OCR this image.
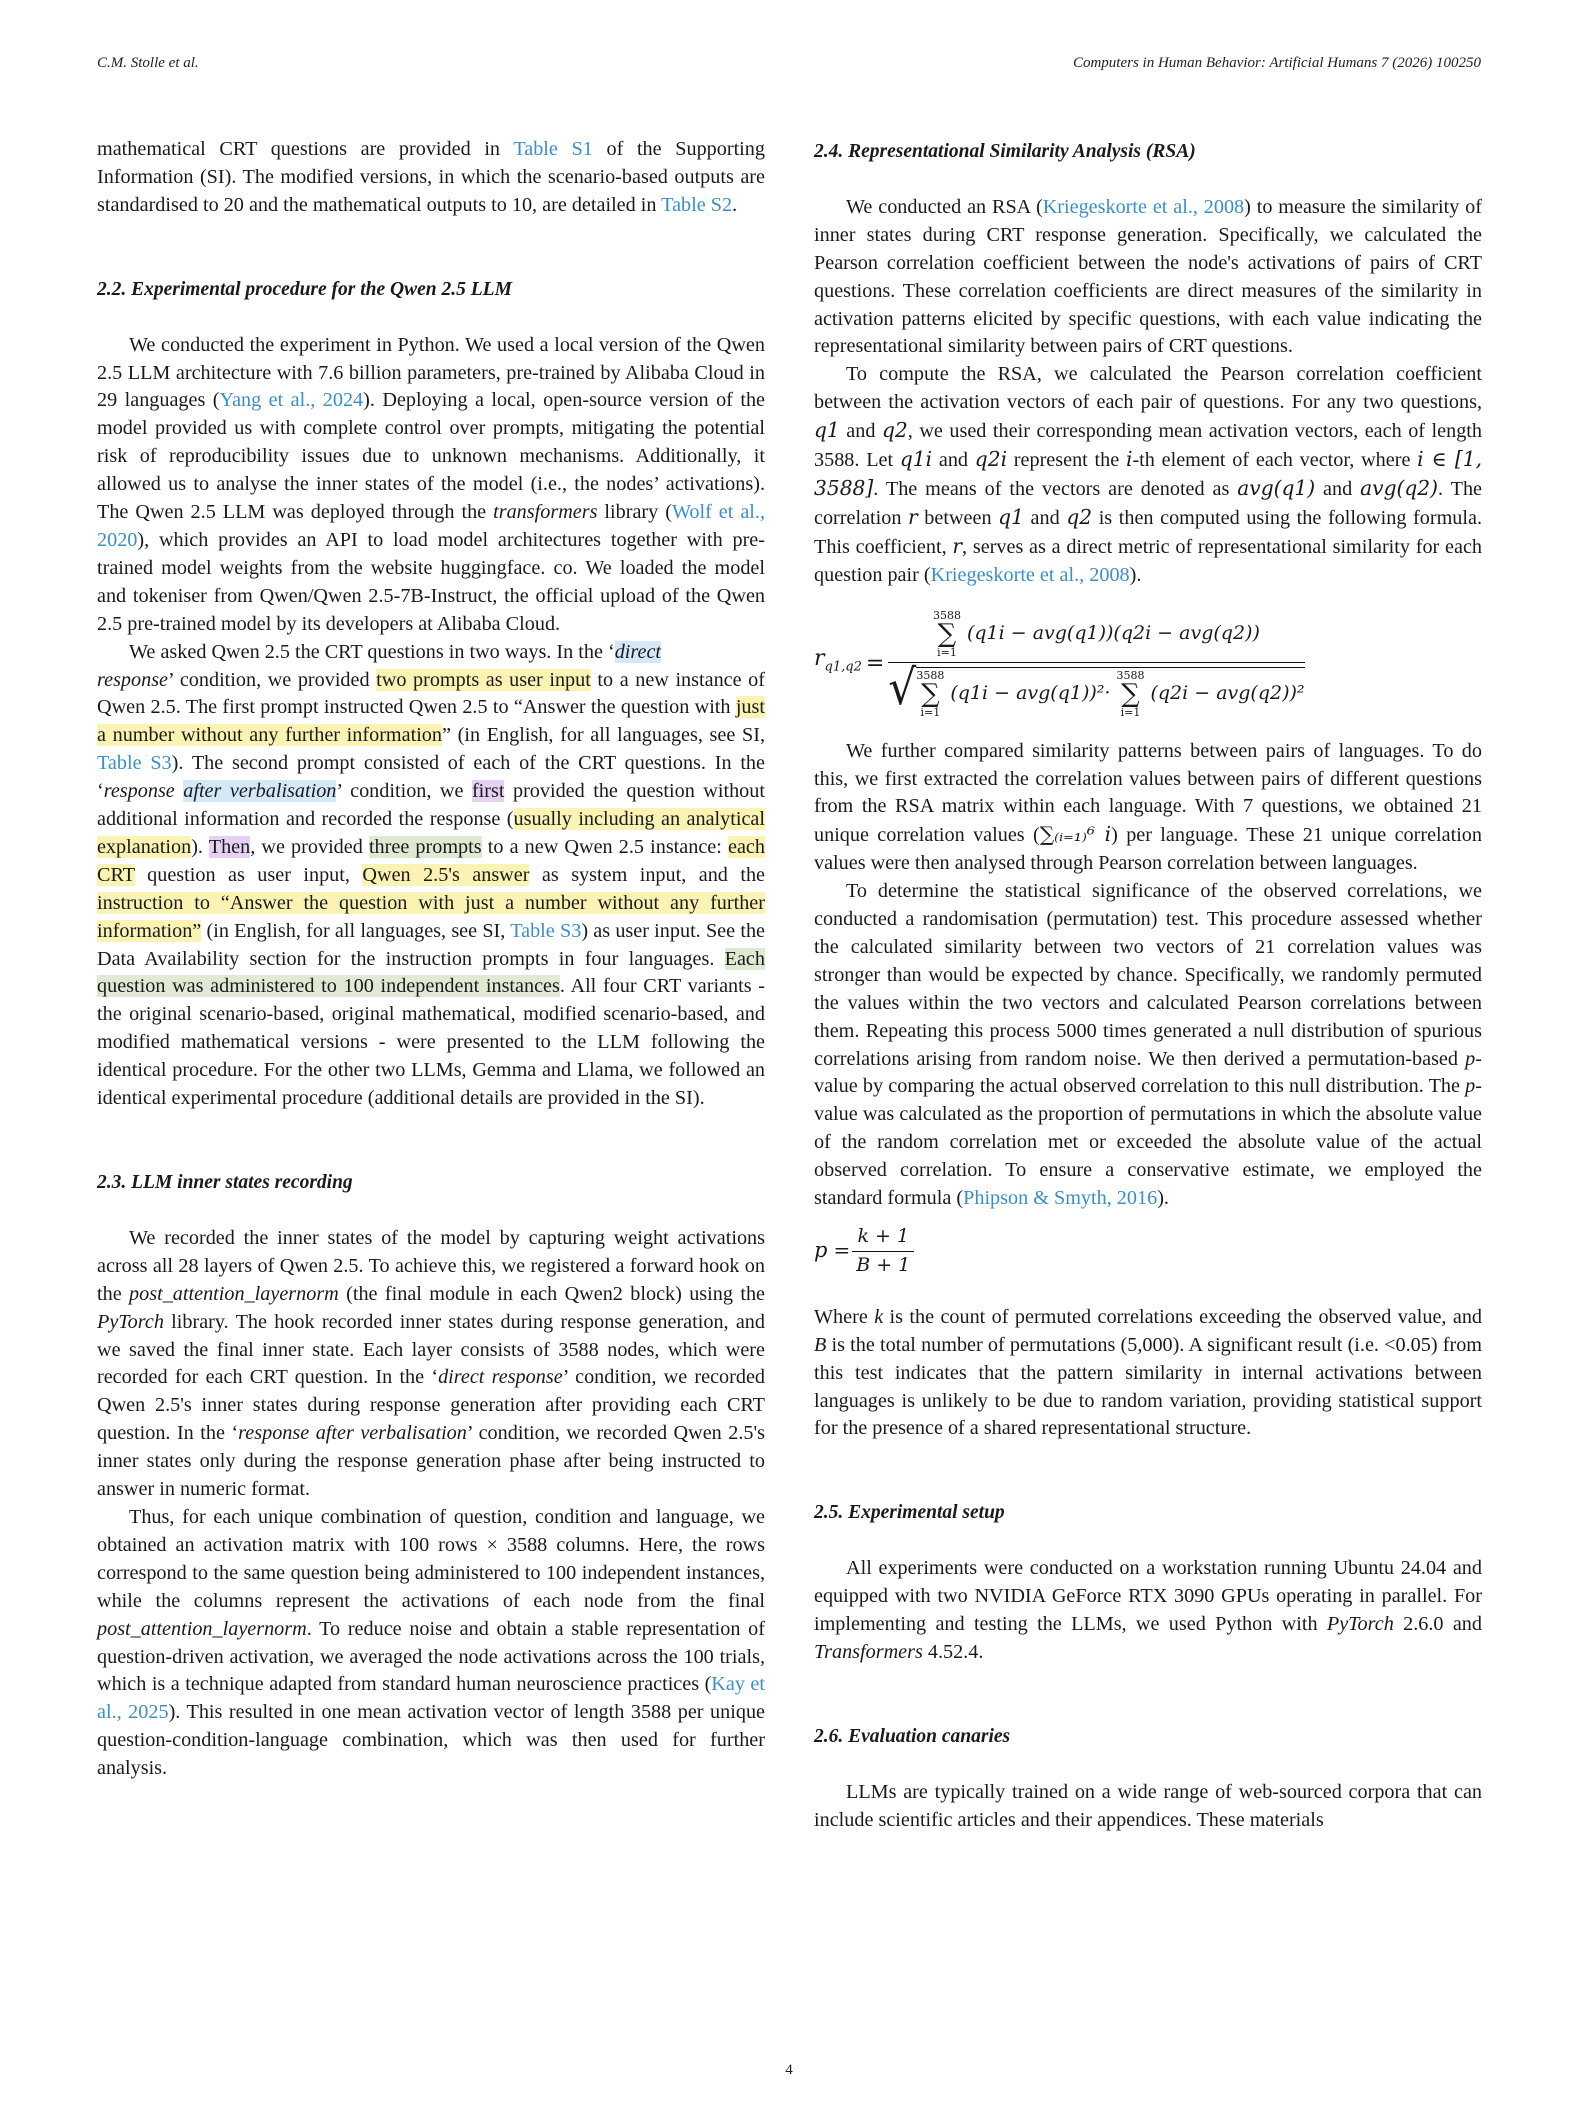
C.M. Stolle et al.	Computers in Human Behavior: Artificial Humans 7 (2026) 100250

mathematical CRT questions are provided in Table S1 of the Supporting Information (SI). The modified versions, in which the scenario-based outputs are standardised to 20 and the mathematical outputs to 10, are detailed in Table S2.

2.2. Experimental procedure for the Qwen 2.5 LLM

We conducted the experiment in Python. We used a local version of the Qwen 2.5 LLM architecture with 7.6 billion parameters, pre-trained by Alibaba Cloud in 29 languages (Yang et al., 2024). Deploying a local, open-source version of the model provided us with complete control over prompts, mitigating the potential risk of reproducibility issues due to unknown mechanisms. Additionally, it allowed us to analyse the inner states of the model (i.e., the nodes’ activations). The Qwen 2.5 LLM was deployed through the transformers library (Wolf et al., 2020), which provides an API to load model architectures together with pre-trained model weights from the website huggingface. co. We loaded the model and tokeniser from Qwen/Qwen 2.5-7B-Instruct, the official upload of the Qwen 2.5 pre-trained model by its developers at Alibaba Cloud.

We asked Qwen 2.5 the CRT questions in two ways. In the ‘direct
response’ condition, we provided two prompts as user input to a new instance of Qwen 2.5. The first prompt instructed Qwen 2.5 to “Answer the question with just a number without any further information” (in English, for all languages, see SI, Table S3). The second prompt consisted of each of the CRT questions. In the ‘response after verbalisation’ condition, we first provided the question without additional information and recorded the response (usually including an analytical explanation). Then, we provided three prompts to a new Qwen 2.5 instance: each CRT question as user input, Qwen 2.5's answer as system input, and the instruction to “Answer the question with just a number without any further information” (in English, for all languages, see SI, Table S3) as user input. See the Data Availability section for the instruction prompts in four languages. Each question was administered to 100 independent instances. All four CRT variants - the original scenario-based, original mathematical, modified scenario-based, and modified mathematical versions - were presented to the LLM following the identical procedure. For the other two LLMs, Gemma and Llama, we followed an identical experimental procedure (additional details are provided in the SI).

2.3. LLM inner states recording

We recorded the inner states of the model by capturing weight activations across all 28 layers of Qwen 2.5. To achieve this, we registered a forward hook on the post_attention_layernorm (the final module in each Qwen2 block) using the PyTorch library. The hook recorded inner states during response generation, and we saved the final inner state. Each layer consists of 3588 nodes, which were recorded for each CRT question. In the ‘direct response’ condition, we recorded Qwen 2.5's inner states during response generation after providing each CRT question. In the ‘response after verbalisation’ condition, we recorded Qwen 2.5's inner states only during the response generation phase after being instructed to answer in numeric format.

Thus, for each unique combination of question, condition and language, we obtained an activation matrix with 100 rows × 3588 columns. Here, the rows correspond to the same question being administered to 100 independent instances, while the columns represent the activations of each node from the final post_attention_layernorm. To reduce noise and obtain a stable representation of question-driven activation, we averaged the node activations across the 100 trials, which is a technique adapted from standard human neuroscience practices (Kay et al., 2025). This resulted in one mean activation vector of length 3588 per unique question-condition-language combination, which was then used for further analysis.

2.4. Representational Similarity Analysis (RSA)

We conducted an RSA (Kriegeskorte et al., 2008) to measure the similarity of inner states during CRT response generation. Specifically, we calculated the Pearson correlation coefficient between the node's activations of pairs of CRT questions. These correlation coefficients are direct measures of the similarity in activation patterns elicited by specific questions, with each value indicating the representational similarity between pairs of CRT questions.

To compute the RSA, we calculated the Pearson correlation coefficient between the activation vectors of each pair of questions. For any two questions, q1 and q2, we used their corresponding mean activation vectors, each of length 3588. Let q1i and q2i represent the i-th element of each vector, where i ∈ [1, 3588]. The means of the vectors are denoted as avg(q1) and avg(q2). The correlation r between q1 and q2 is then computed using the following formula. This coefficient, r, serves as a direct metric of representational similarity for each question pair (Kriegeskorte et al., 2008).

$r_{q1,q2}$ =
3588
∑
i=1
(q1i − avg(q1))(q2i − avg(q2))
√ 3588
∑
i=1
(q1i − avg(q1))²·
3588
∑
i=1
(q2i − avg(q2))²

We further compared similarity patterns between pairs of languages. To do this, we first extracted the correlation values between pairs of different questions from the RSA matrix within each language. With 7 questions, we obtained 21 unique correlation values (∑₍ᵢ₌₁₎⁶ i) per language. These 21 unique correlation values were then analysed through Pearson correlation between languages.

To determine the statistical significance of the observed correlations, we conducted a randomisation (permutation) test. This procedure assessed whether the calculated similarity between two vectors of 21 correlation values was stronger than would be expected by chance. Specifically, we randomly permuted the values within the two vectors and calculated Pearson correlations between them. Repeating this process 5000 times generated a null distribution of spurious correlations arising from random noise. We then derived a permutation-based p-value by comparing the actual observed correlation to this null distribution. The p-value was calculated as the proportion of permutations in which the absolute value of the random correlation met or exceeded the absolute value of the actual observed correlation. To ensure a conservative estimate, we employed the standard formula (Phipson & Smyth, 2016).

$p = \frac{k + 1}{B + 1}$

Where k is the count of permuted correlations exceeding the observed value, and B is the total number of permutations (5,000). A significant result (i.e. <0.05) from this test indicates that the pattern similarity in internal activations between languages is unlikely to be due to random variation, providing statistical support for the presence of a shared representational structure.

2.5. Experimental setup

All experiments were conducted on a workstation running Ubuntu 24.04 and equipped with two NVIDIA GeForce RTX 3090 GPUs operating in parallel. For implementing and testing the LLMs, we used Python with PyTorch 2.6.0 and Transformers 4.52.4.

2.6. Evaluation canaries

LLMs are typically trained on a wide range of web-sourced corpora that can include scientific articles and their appendices. These materials

4
